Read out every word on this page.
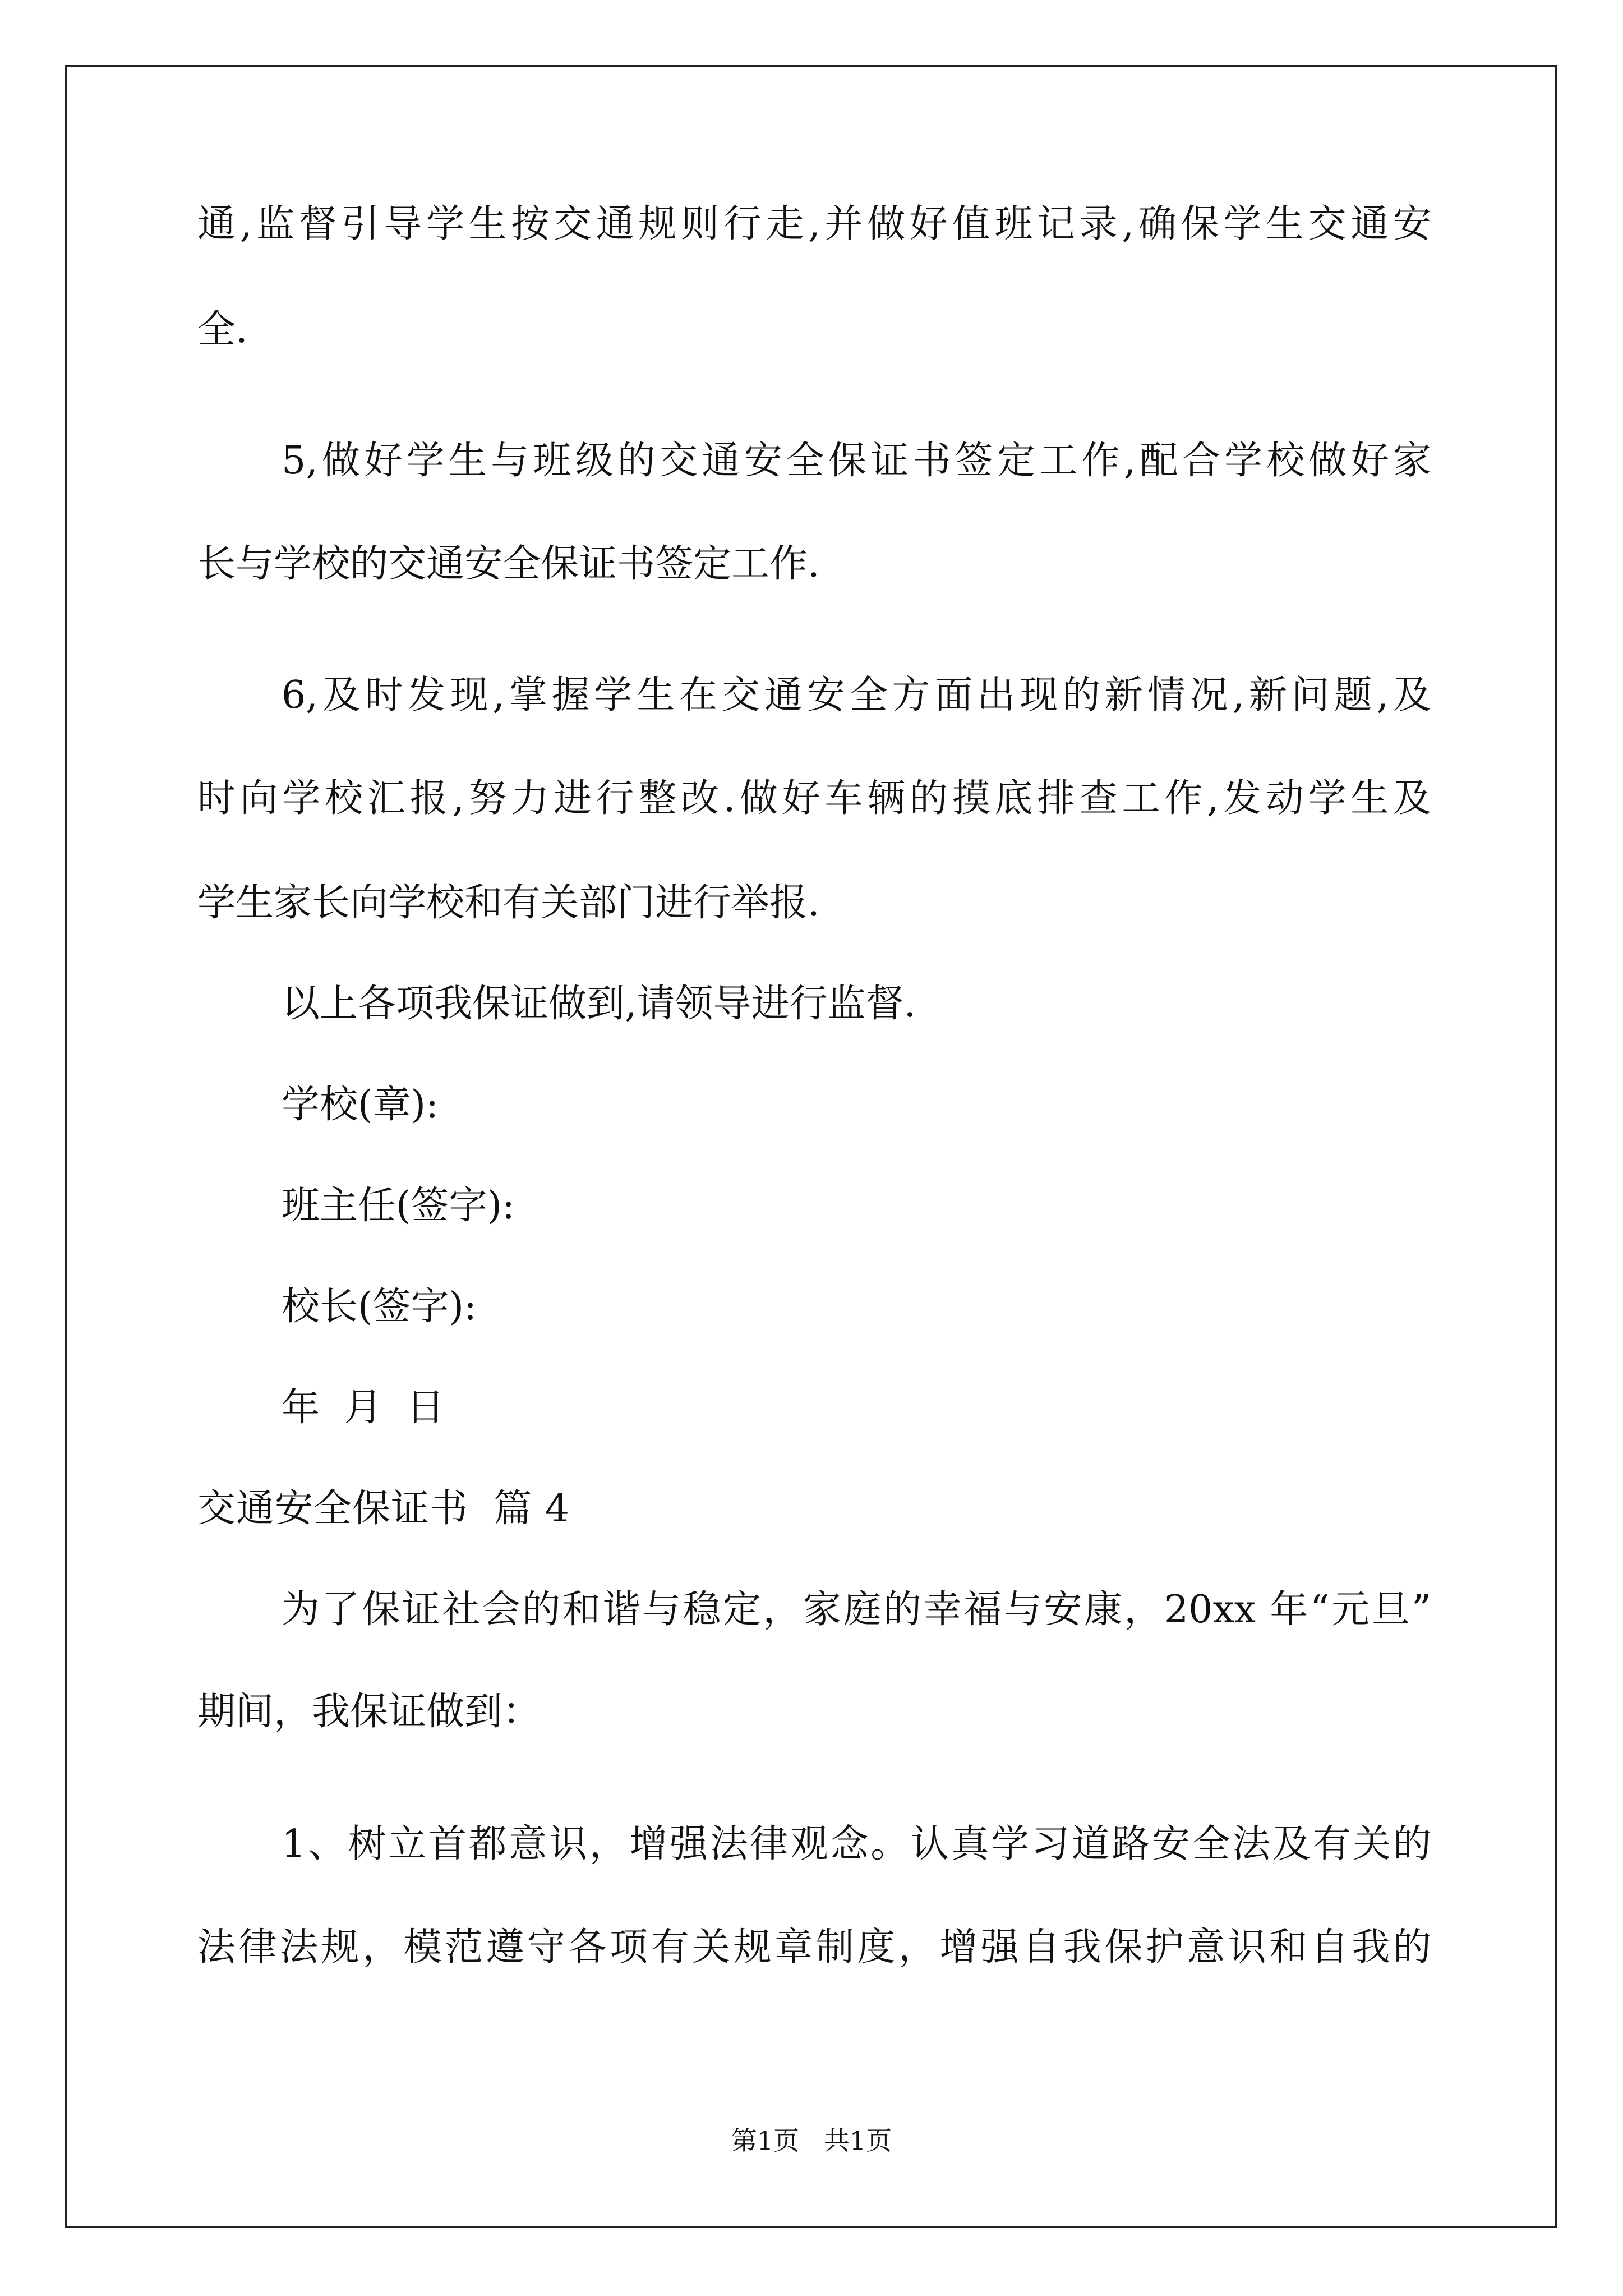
通,监督引导学生按交通规则行走,并做好值班记录,确保学生交通安
全.
5,做好学生与班级的交通安全保证书签定工作,配合学校做好家
长与学校的交通安全保证书签定工作.
6,及时发现,掌握学生在交通安全方面出现的新情况,新问题,及
时向学校汇报,努力进行整改.做好车辆的摸底排查工作,发动学生及
学生家长向学校和有关部门进行举报.
以上各项我保证做到,请领导进行监督.
学校(章):
班主任(签字):
校长(签字):
年  月  日
交通安全保证书  篇 4
为了保证社会的和谐与稳定，家庭的幸福与安康，20xx 年“元旦”
期间，我保证做到：
1、树立首都意识，增强法律观念。认真学习道路安全法及有关的
法律法规，模范遵守各项有关规章制度，增强自我保护意识和自我的
第1页   共1页
